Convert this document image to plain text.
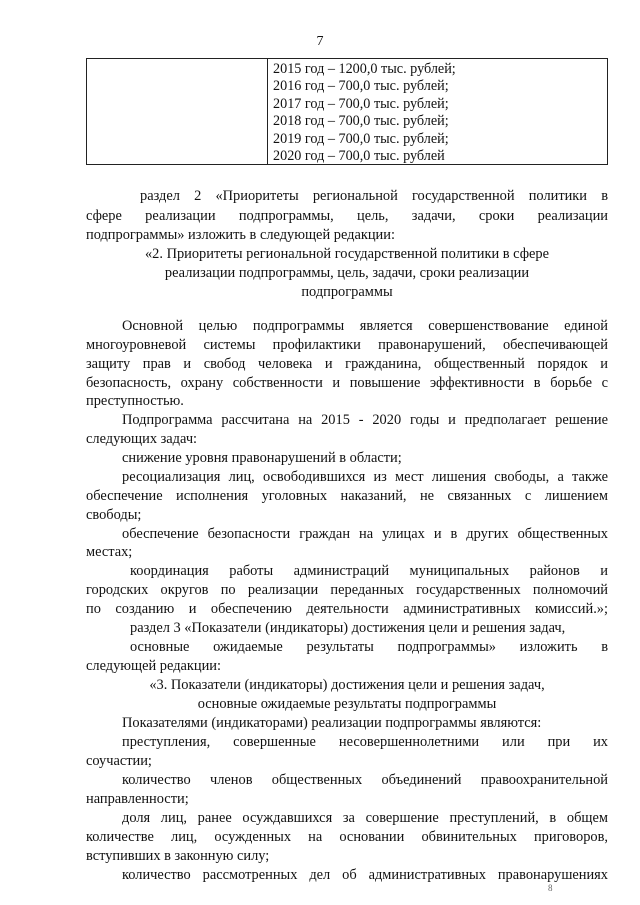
7
2015 год – 1200,0 тыс. рублей;
2016 год – 700,0 тыс. рублей;
2017 год – 700,0 тыс. рублей;
2018 год – 700,0 тыс. рублей;
2019 год – 700,0 тыс. рублей;
2020 год – 700,0 тыс. рублей
раздел 2 «Приоритеты региональной государственной политики в
сфере реализации подпрограммы, цель, задачи, сроки реализации
подпрограммы» изложить в следующей редакции:
«2. Приоритеты региональной государственной политики в сфере
реализации подпрограммы, цель, задачи, сроки реализации
подпрограммы
Основной целью подпрограммы является совершенствование единой
многоуровневой системы профилактики правонарушений, обеспечивающей
защиту прав и свобод человека и гражданина, общественный порядок и
безопасность, охрану собственности и повышение эффективности в борьбе с
преступностью.
Подпрограмма рассчитана на 2015 - 2020 годы и предполагает решение
следующих задач:
снижение уровня правонарушений в области;
ресоциализация лиц, освободившихся из мест лишения свободы, а также
обеспечение исполнения уголовных наказаний, не связанных с лишением
свободы;
обеспечение безопасности граждан на улицах и в других общественных
местах;
координация работы администраций муниципальных районов и
городских округов по реализации переданных государственных полномочий
по созданию и обеспечению деятельности административных комиссий.»;
раздел 3 «Показатели (индикаторы) достижения цели и решения задач,
основные ожидаемые результаты подпрограммы» изложить в
следующей редакции:
«3. Показатели (индикаторы) достижения цели и решения задач,
основные ожидаемые результаты подпрограммы
Показателями (индикаторами) реализации подпрограммы являются:
преступления, совершенные несовершеннолетними или при их
соучастии;
количество членов общественных объединений правоохранительной
направленности;
доля лиц, ранее осуждавшихся за совершение преступлений, в общем
количестве лиц, осужденных на основании обвинительных приговоров,
вступивших в законную силу;
количество рассмотренных дел об административных правонарушениях
8
